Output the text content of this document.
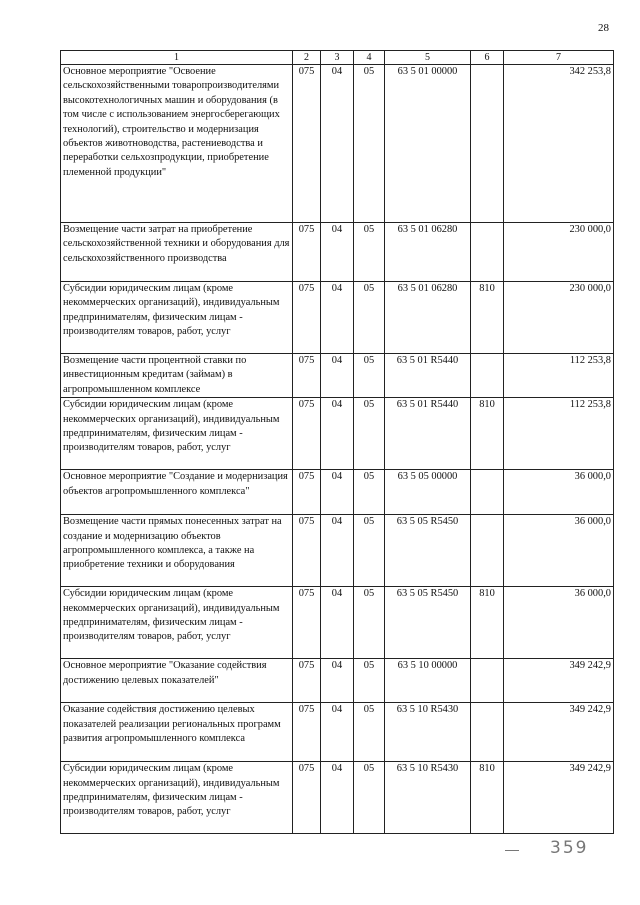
28
1	2	3	4	5	6	7
Основное мероприятие "Освоение сельскохозяйственными товаропроизводителями высокотехнологичных машин и оборудования (в том числе с использованием энергосберегающих технологий), строительство и модернизация объектов животноводства, растениеводства и переработки сельхозпродукции, приобретение племенной продукции"	075	04	05	63 5 01 00000		342 253,8
Возмещение части затрат на приобретение сельскохозяйственной техники и оборудования для сельскохозяйственного производства	075	04	05	63 5 01 06280		230 000,0
Субсидии юридическим лицам (кроме некоммерческих организаций), индивидуальным предпринимателям, физическим лицам - производителям товаров, работ, услуг	075	04	05	63 5 01 06280	810	230 000,0
Возмещение части процентной ставки по инвестиционным кредитам (займам) в агропромышленном комплексе	075	04	05	63 5 01 R5440		112 253,8
Субсидии юридическим лицам (кроме некоммерческих организаций), индивидуальным предпринимателям, физическим лицам - производителям товаров, работ, услуг	075	04	05	63 5 01 R5440	810	112 253,8
Основное мероприятие "Создание и модернизация объектов агропромышленного комплекса"	075	04	05	63 5 05 00000		36 000,0
Возмещение части прямых понесенных затрат на создание и модернизацию объектов агропромышленного комплекса, а также на приобретение техники и оборудования	075	04	05	63 5 05 R5450		36 000,0
Субсидии юридическим лицам (кроме некоммерческих организаций), индивидуальным предпринимателям, физическим лицам - производителям товаров, работ, услуг	075	04	05	63 5 05 R5450	810	36 000,0
Основное мероприятие "Оказание содействия достижению целевых показателей"	075	04	05	63 5 10 00000		349 242,9
Оказание содействия достижению целевых показателей реализации региональных программ развития агропромышленного комплекса	075	04	05	63 5 10 R5430		349 242,9
Субсидии юридическим лицам (кроме некоммерческих организаций), индивидуальным предпринимателям, физическим лицам - производителям товаров, работ, услуг	075	04	05	63 5 10 R5430	810	349 242,9
359
